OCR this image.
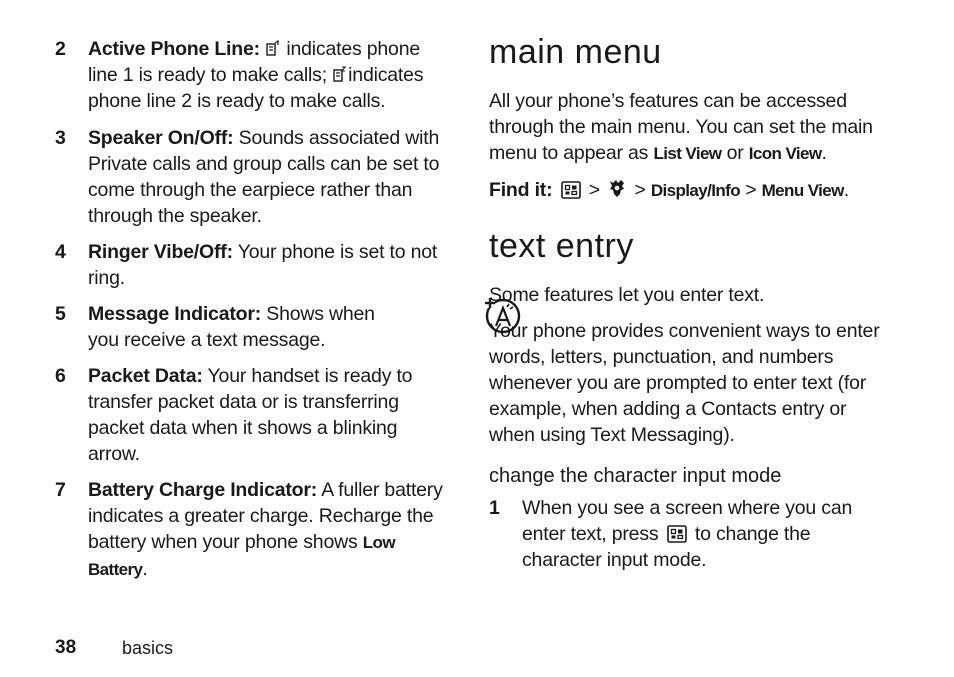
2 Active Phone Line:
indicates phone line 1 is ready to make calls;
indicates phone line 2 is ready to make calls.
3 Speaker On/Off: Sounds associated with Private calls and group calls can be set to come through the earpiece rather than through the speaker.
4 Ringer Vibe/Off: Your phone is set to not ring.
5 Message Indicator: Shows when you receive a text message.
6 Packet Data: Your handset is ready to transfer packet data or is transferring packet data when it shows a blinking arrow.
7 Battery Charge Indicator: A fuller battery indicates a greater charge. Recharge the battery when your phone shows Low Battery.
main menu

All your phone’s features can be accessed through the main menu. You can set the main menu to appear as List View or Icon View.

Find it:  >  > Display/Info > Menu View.

text entry

Some features let you enter text.

Your phone provides convenient ways to enter words, letters, punctuation, and numbers whenever you are prompted to enter text (for example, when adding a Contacts entry or when using Text Messaging).

change the character input mode

1 When you see a screen where you can enter text, press  to change the character input mode.
38	basics
